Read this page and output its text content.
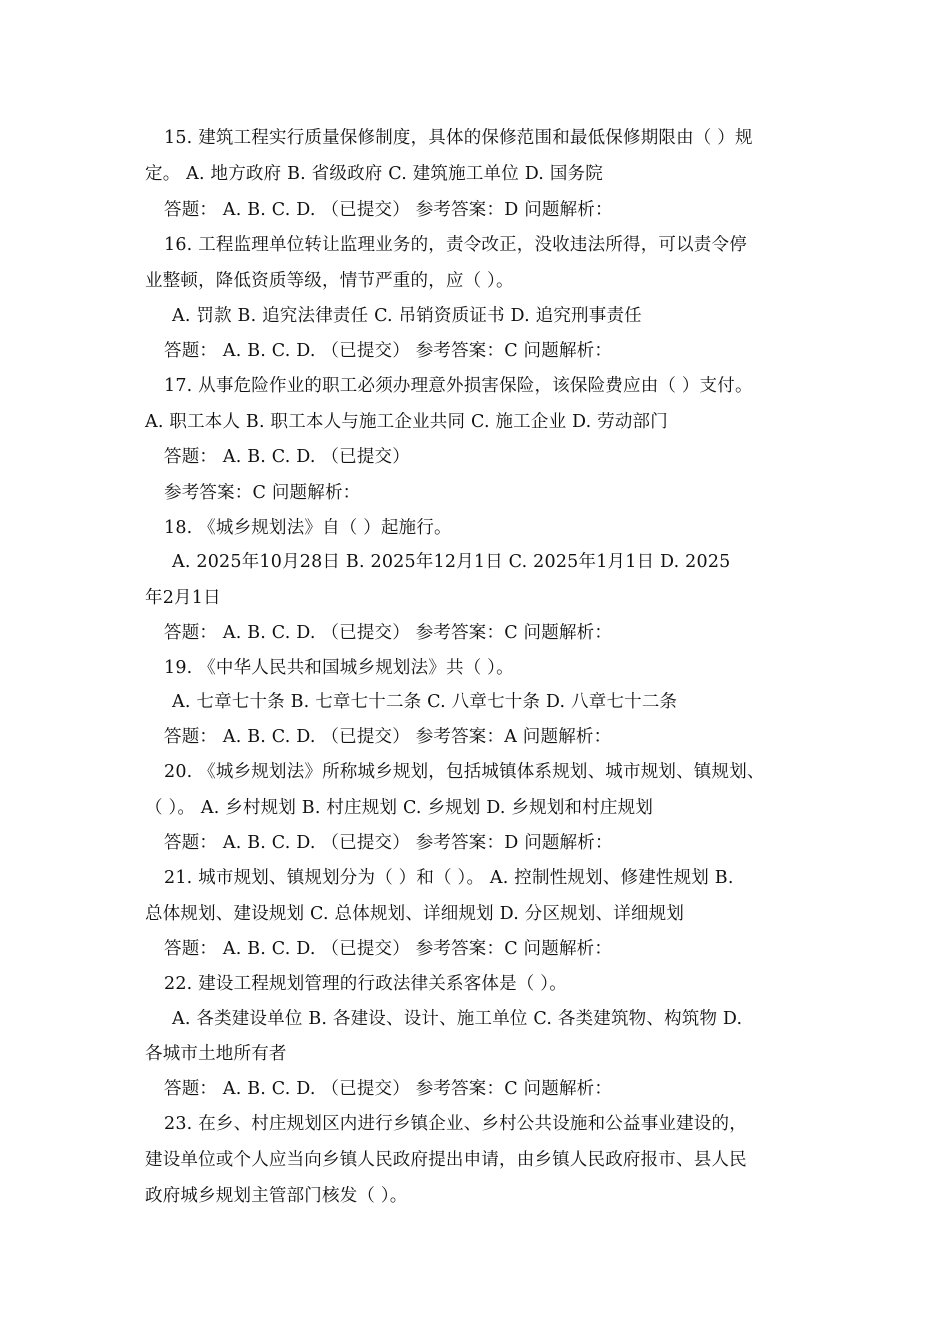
15. 建筑工程实行质量保修制度，具体的保修范围和最低保修期限由（ ）规
定。 A. 地方政府 B. 省级政府 C. 建筑施工单位 D. 国务院
答题： A. B. C. D. （已提交） 参考答案：D 问题解析：
16. 工程监理单位转让监理业务的，责令改正，没收违法所得，可以责令停
业整顿，降低资质等级，情节严重的，应（ ）。
A. 罚款 B. 追究法律责任 C. 吊销资质证书 D. 追究刑事责任
答题： A. B. C. D. （已提交） 参考答案：C 问题解析：
17. 从事危险作业的职工必须办理意外损害保险，该保险费应由（ ）支付。
A. 职工本人 B. 职工本人与施工企业共同 C. 施工企业 D. 劳动部门
答题： A. B. C. D. （已提交）
参考答案：C 问题解析：
18. 《城乡规划法》自（ ）起施行。
A. 2025年10月28日 B. 2025年12月1日 C. 2025年1月1日 D. 2025
年2月1日
答题： A. B. C. D. （已提交） 参考答案：C 问题解析：
19. 《中华人民共和国城乡规划法》共（ ）。
A. 七章七十条 B. 七章七十二条 C. 八章七十条 D. 八章七十二条
答题： A. B. C. D. （已提交） 参考答案：A 问题解析：
20. 《城乡规划法》所称城乡规划，包括城镇体系规划、城市规划、镇规划、
（ ）。 A. 乡村规划 B. 村庄规划 C. 乡规划 D. 乡规划和村庄规划
答题： A. B. C. D. （已提交） 参考答案：D 问题解析：
21. 城市规划、镇规划分为（ ）和（ ）。 A. 控制性规划、修建性规划 B.
总体规划、建设规划 C. 总体规划、详细规划 D. 分区规划、详细规划
答题： A. B. C. D. （已提交） 参考答案：C 问题解析：
22. 建设工程规划管理的行政法律关系客体是（ ）。
A. 各类建设单位 B. 各建设、设计、施工单位 C. 各类建筑物、构筑物 D.
各城市土地所有者
答题： A. B. C. D. （已提交） 参考答案：C 问题解析：
23. 在乡、村庄规划区内进行乡镇企业、乡村公共设施和公益事业建设的，
建设单位或个人应当向乡镇人民政府提出申请，由乡镇人民政府报市、县人民
政府城乡规划主管部门核发（ ）。
